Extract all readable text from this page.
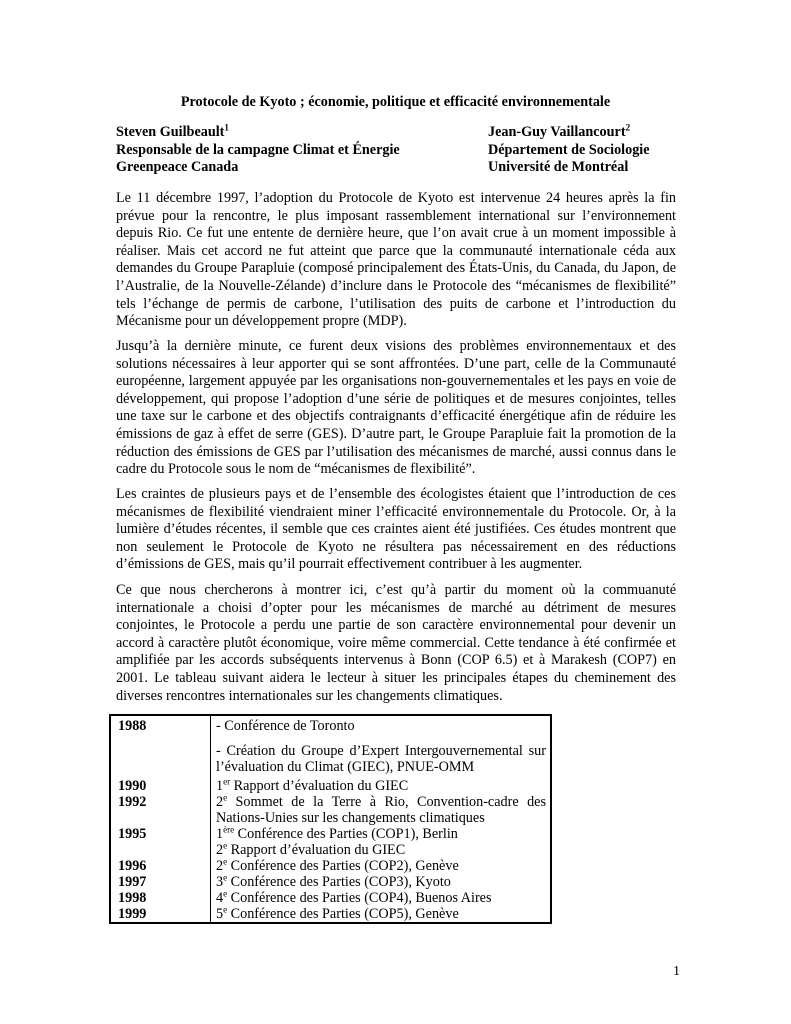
Protocole de Kyoto ; économie, politique et efficacité environnementale
Steven Guilbeault$^1$
Responsable de la campagne Climat et Énergie
Greenpeace Canada
Jean-Guy Vaillancourt$^2$
Département de Sociologie
Université de Montréal

Le 11 décembre 1997, l’adoption du Protocole de Kyoto est intervenue 24 heures après la fin prévue pour la rencontre, le plus imposant rassemblement international sur l’environnement depuis Rio. Ce fut une entente de dernière heure, que l’on avait crue à un moment impossible à réaliser. Mais cet accord ne fut atteint que parce que la communauté internationale céda aux demandes du Groupe Parapluie (composé principalement des États-Unis, du Canada, du Japon, de l’Australie, de la Nouvelle-Zélande) d’inclure dans le Protocole des “mécanismes de flexibilité” tels l’échange de permis de carbone, l’utilisation des puits de carbone et l’introduction du Mécanisme pour un développement propre (MDP).

Jusqu’à la dernière minute, ce furent deux visions des problèmes environnementaux et des solutions nécessaires à leur apporter qui se sont affrontées. D’une part, celle de la Communauté européenne, largement appuyée par les organisations non-gouvernementales et les pays en voie de développement, qui propose l’adoption d’une série de politiques et de mesures conjointes, telles une taxe sur le carbone et des objectifs contraignants d’efficacité énergétique afin de réduire les émissions de gaz à effet de serre (GES). D’autre part, le Groupe Parapluie fait la promotion de la réduction des émissions de GES par l’utilisation des mécanismes de marché, aussi connus dans le cadre du Protocole sous le nom de “mécanismes de flexibilité”.

Les craintes de plusieurs pays et de l’ensemble des écologistes étaient que l’introduction de ces mécanismes de flexibilité viendraient miner l’efficacité environnementale du Protocole. Or, à la lumière d’études récentes, il semble que ces craintes aient été justifiées. Ces études montrent que non seulement le Protocole de Kyoto ne résultera pas nécessairement en des réductions d’émissions de GES, mais qu’il pourrait effectivement contribuer à les augmenter.

Ce que nous chercherons à montrer ici, c’est qu’à partir du moment où la commuanuté internationale a choisi d’opter pour les mécanismes de marché au détriment de mesures conjointes, le Protocole a perdu une partie de son caractère environnemental pour devenir un accord à caractère plutôt économique, voire même commercial. Cette tendance à été confirmée et amplifiée par les accords subséquents intervenus à Bonn (COP 6.5) et à Marakesh (COP7) en 2001. Le tableau suivant aidera le lecteur à situer les principales étapes du cheminement des diverses rencontres internationales sur les changements climatiques.

1988	- Conférence de Toronto
- Création du Groupe d’Expert Intergouvernemental sur l’évaluation du Climat (GIEC), PNUE-OMM
1990	1er Rapport d’évaluation du GIEC
1992	2e Sommet de la Terre à Rio, Convention-cadre des Nations-Unies sur les changements climatiques
1995	1ère Conférence des Parties (COP1), Berlin
2e Rapport d’évaluation du GIEC
1996	2e Conférence des Parties (COP2), Genève
1997	3e Conférence des Parties (COP3), Kyoto
1998	4e Conférence des Parties (COP4), Buenos Aires
1999	5e Conférence des Parties (COP5), Genève
1
